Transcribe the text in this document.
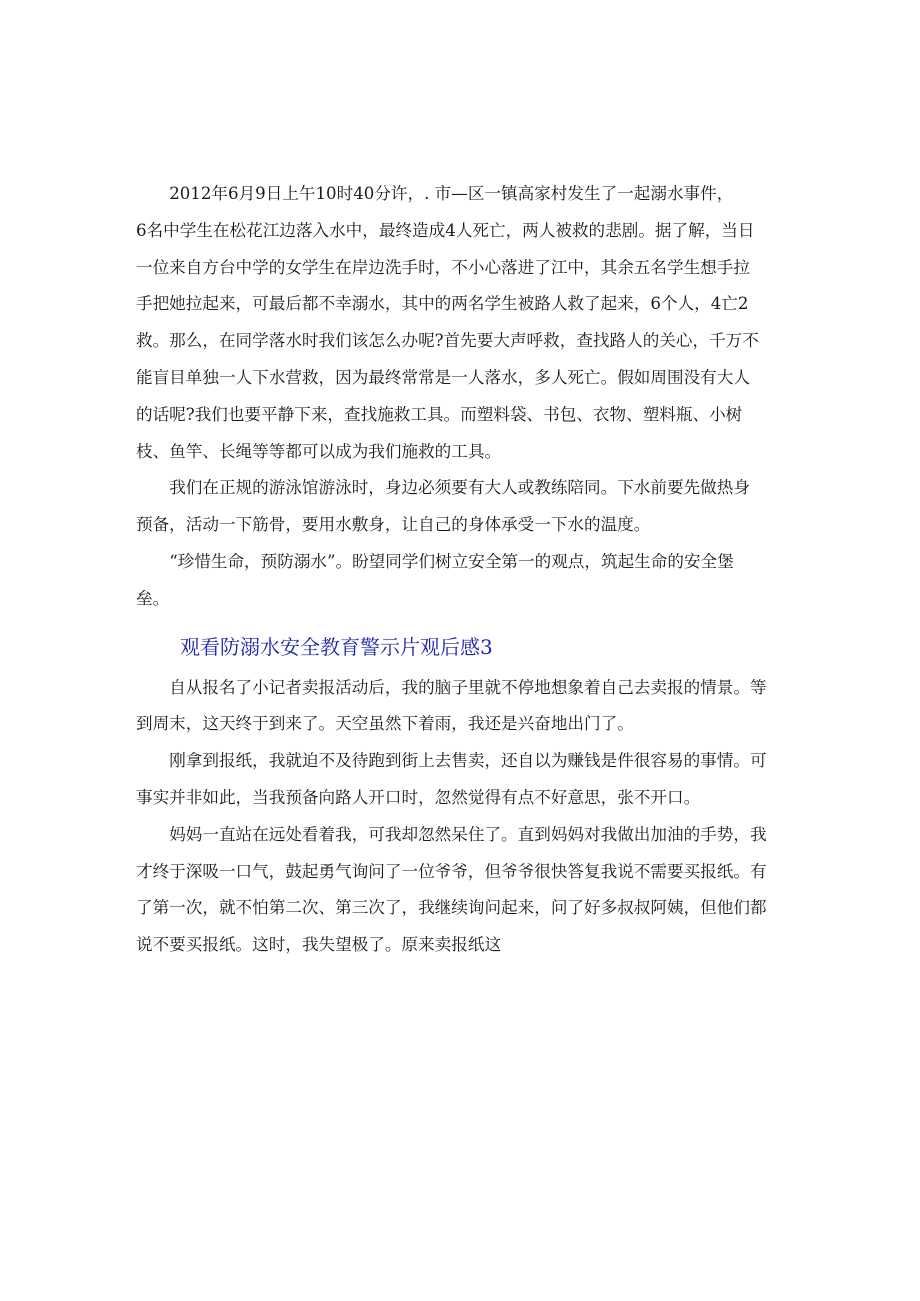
2012年6月9日上午10时40分许，. 市—区一镇高家村发生了一起溺水事件，
6名中学生在松花江边落入水中，最终造成4人死亡，两人被救的悲剧。据了解，当日
一位来自方台中学的女学生在岸边洗手时，不小心落进了江中，其余五名学生想手拉
手把她拉起来，可最后都不幸溺水，其中的两名学生被路人救了起来，6个人，4亡2
救。那么，在同学落水时我们该怎么办呢?首先要大声呼救，查找路人的关心，千万不
能盲目单独一人下水营救，因为最终常常是一人落水，多人死亡。假如周围没有大人
的话呢?我们也要平静下来，查找施救工具。而塑料袋、书包、衣物、塑料瓶、小树
枝、鱼竿、长绳等等都可以成为我们施救的工具。
我们在正规的游泳馆游泳时，身边必须要有大人或教练陪同。下水前要先做热身
预备，活动一下筋骨，要用水敷身，让自己的身体承受一下水的温度。
“珍惜生命，预防溺水”。盼望同学们树立安全第一的观点，筑起生命的安全堡
垒。
观看防溺水安全教育警示片观后感3
自从报名了小记者卖报活动后，我的脑子里就不停地想象着自己去卖报的情景。等
到周末，这天终于到来了。天空虽然下着雨，我还是兴奋地出门了。
刚拿到报纸，我就迫不及待跑到街上去售卖，还自以为赚钱是件很容易的事情。可
事实并非如此，当我预备向路人开口时，忽然觉得有点不好意思，张不开口。
妈妈一直站在远处看着我，可我却忽然呆住了。直到妈妈对我做出加油的手势，我
才终于深吸一口气，鼓起勇气询问了一位爷爷，但爷爷很快答复我说不需要买报纸。有
了第一次，就不怕第二次、第三次了，我继续询问起来，问了好多叔叔阿姨，但他们都
说不要买报纸。这时，我失望极了。原来卖报纸这
